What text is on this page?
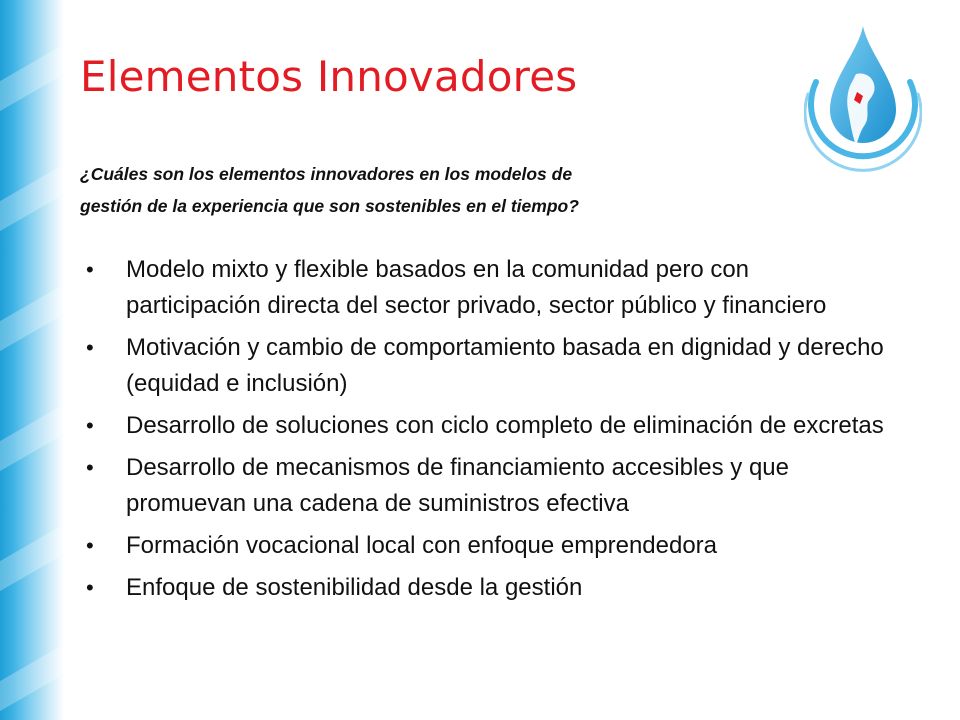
Elementos Innovadores
¿Cuáles son los elementos innovadores en los modelos de
gestión de la experiencia que son sostenibles en el tiempo?
• Modelo mixto y flexible basados en la comunidad pero con participación directa del sector privado, sector público y financiero
• Motivación y cambio de comportamiento basada en dignidad y derecho (equidad e inclusión)
• Desarrollo de soluciones con ciclo completo de eliminación de excretas
• Desarrollo de mecanismos de financiamiento accesibles y que promuevan una cadena de suministros efectiva
• Formación vocacional local con enfoque emprendedora
• Enfoque de sostenibilidad desde la gestión
